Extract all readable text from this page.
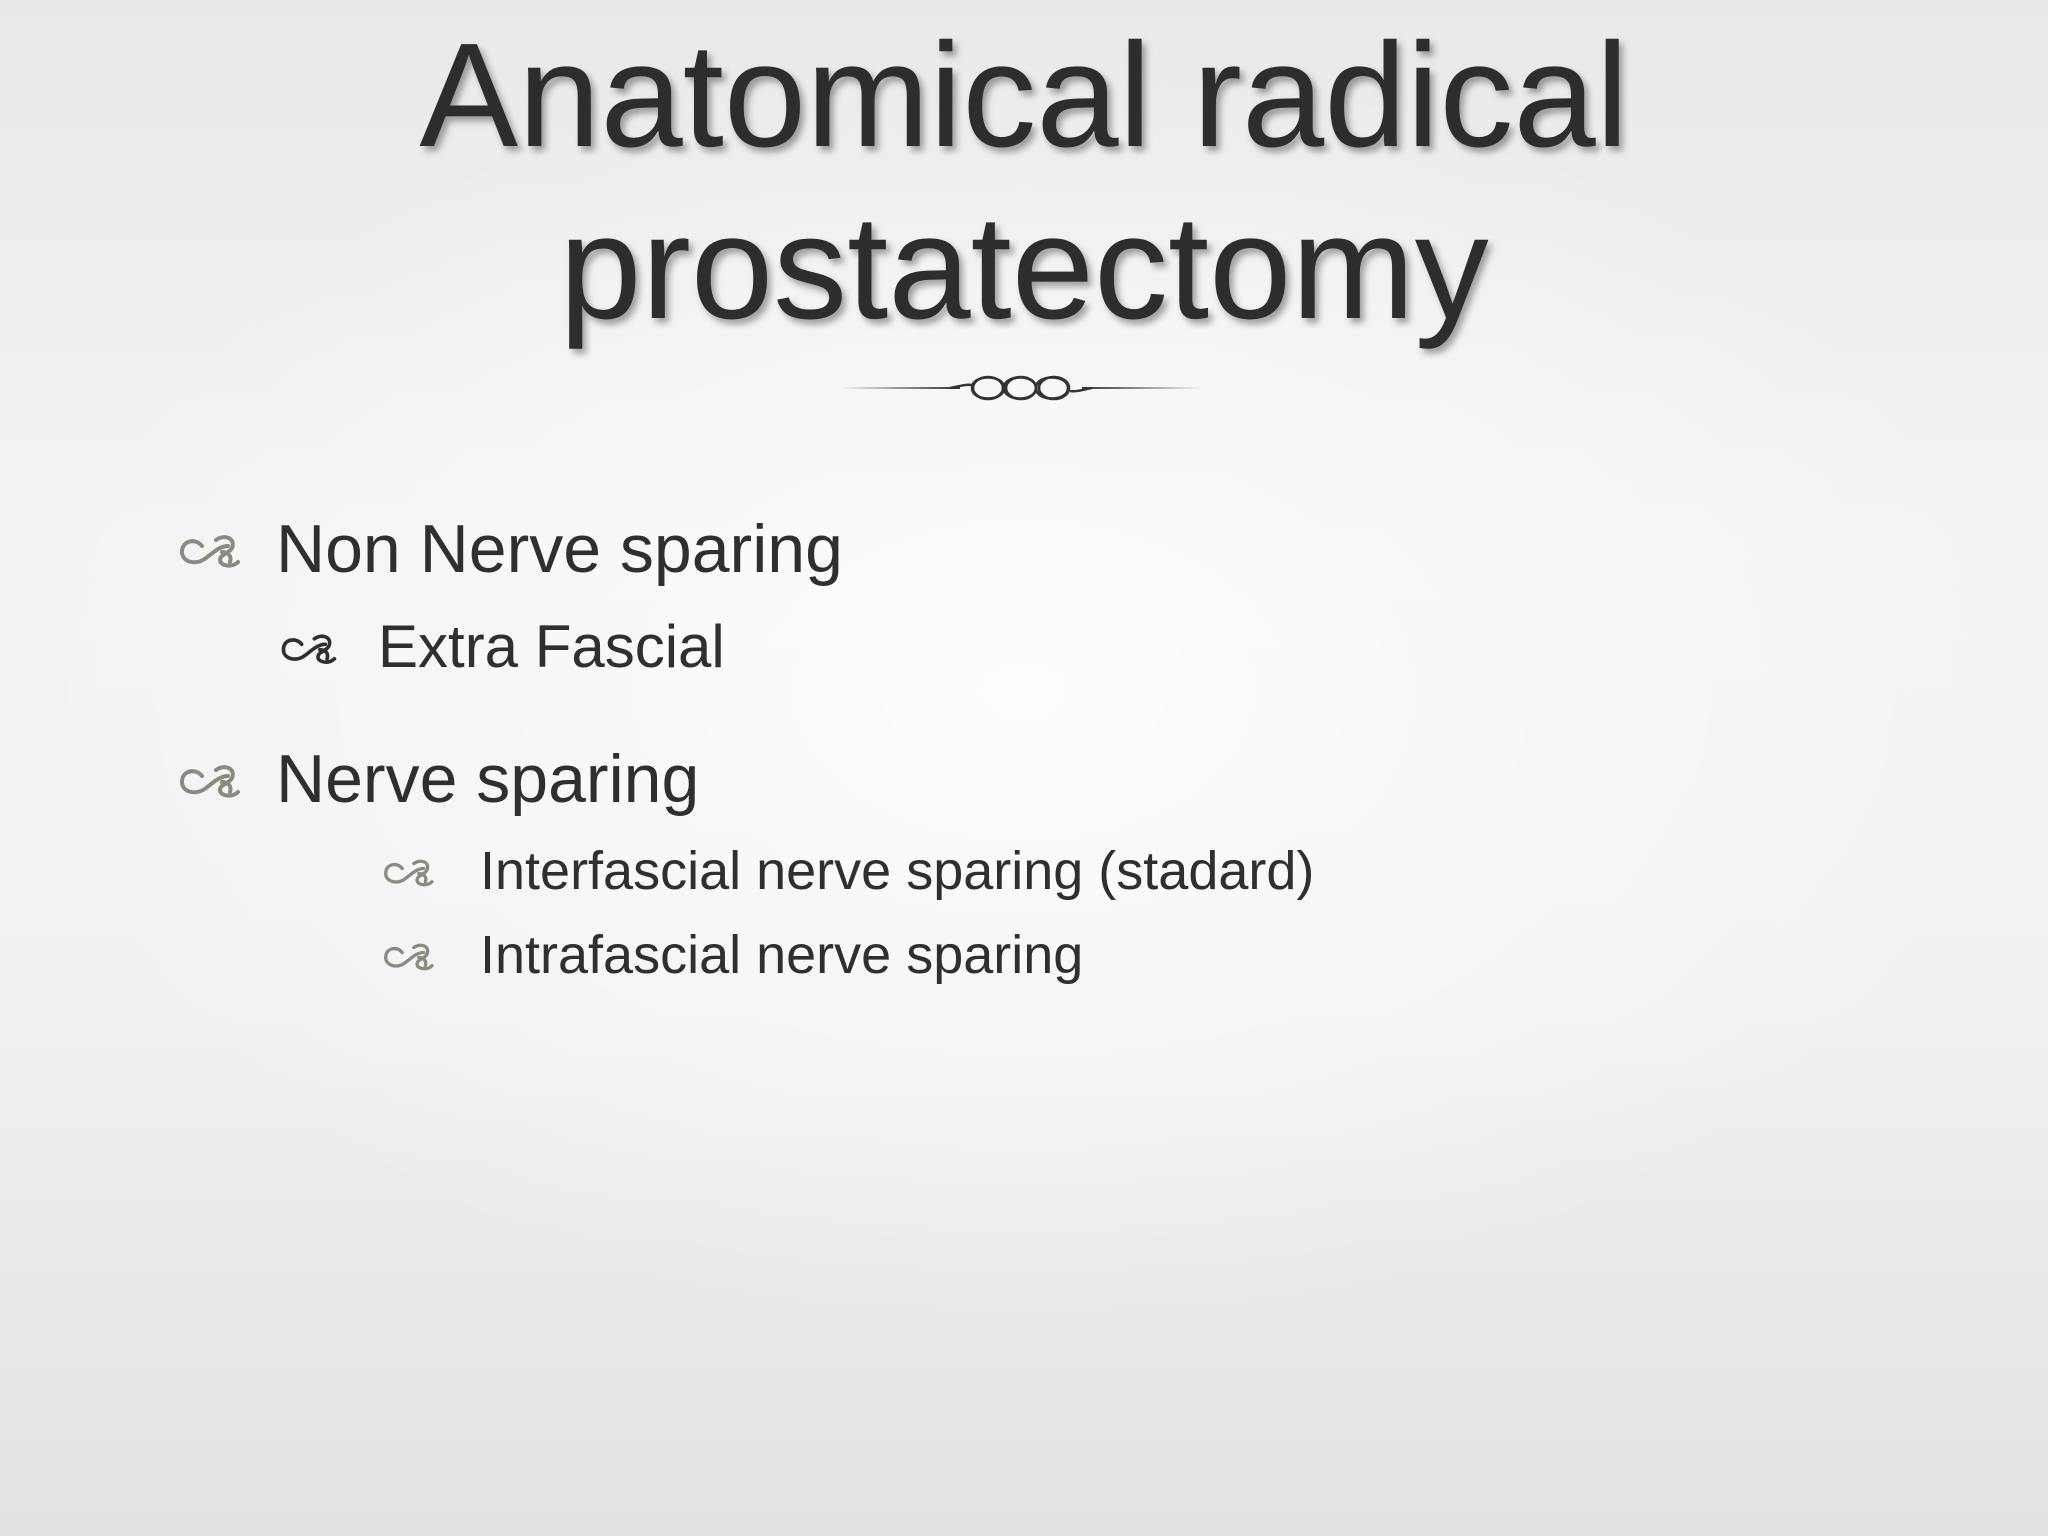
Anatomical radical
prostatectomy
Non Nerve sparing
Extra Fascial
Nerve sparing
Interfascial nerve sparing (stadard)
Intrafascial nerve sparing
